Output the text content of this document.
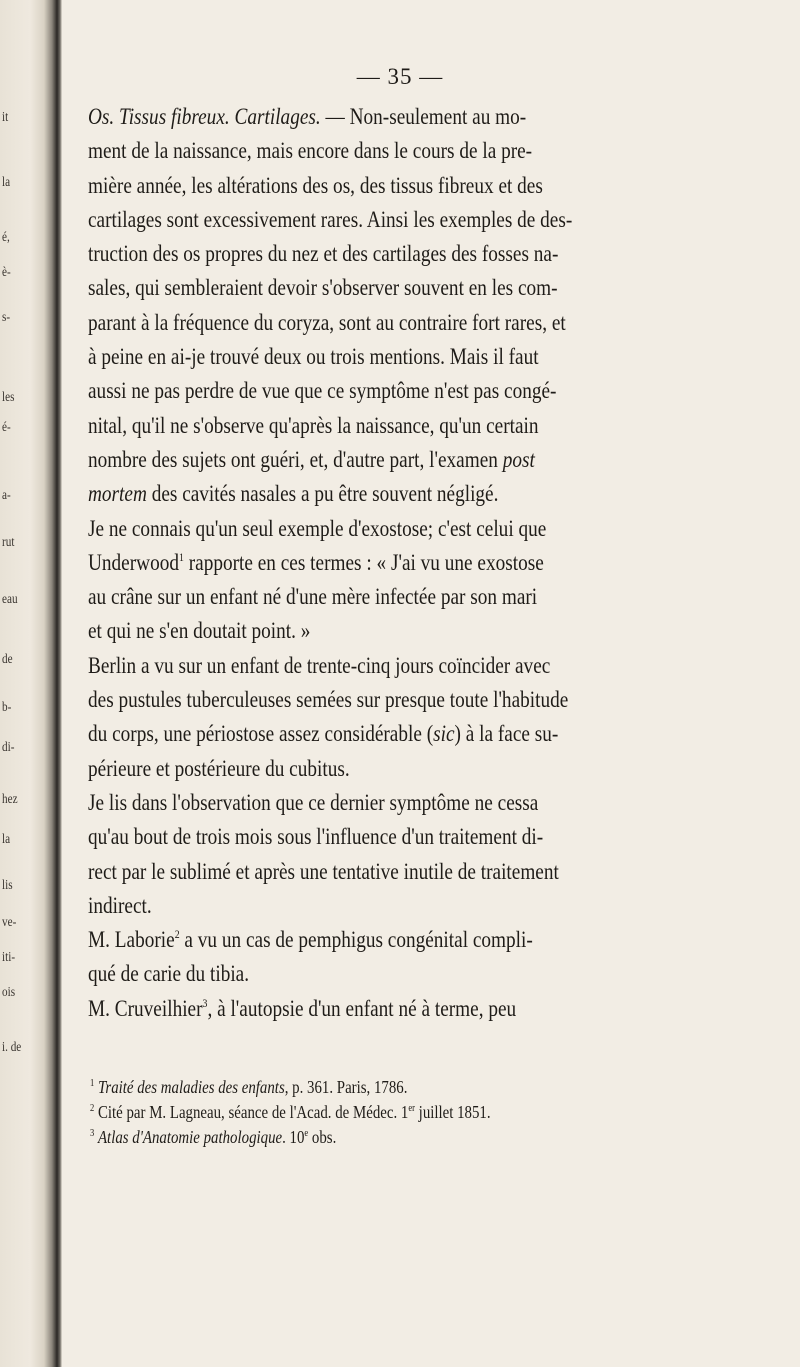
it
la
é,
è-
s-
les
é-
a-
rut
eau
de
b-
di-
hez
la
lis
ve-
iti-
ois
i. de
— 35 —
Os. Tissus fibreux. Cartilages. — Non-seulement au mo-
ment de la naissance, mais encore dans le cours de la pre-
mière année, les altérations des os, des tissus fibreux et des
cartilages sont excessivement rares. Ainsi les exemples de des-
truction des os propres du nez et des cartilages des fosses na-
sales, qui sembleraient devoir s'observer souvent en les com-
parant à la fréquence du coryza, sont au contraire fort rares, et
à peine en ai-je trouvé deux ou trois mentions. Mais il faut
aussi ne pas perdre de vue que ce symptôme n'est pas congé-
nital, qu'il ne s'observe qu'après la naissance, qu'un certain
nombre des sujets ont guéri, et, d'autre part, l'examen post
mortem des cavités nasales a pu être souvent négligé.
Je ne connais qu'un seul exemple d'exostose; c'est celui que
Underwood$^1$ rapporte en ces termes : « J'ai vu une exostose
au crâne sur un enfant né d'une mère infectée par son mari
et qui ne s'en doutait point. »
Berlin a vu sur un enfant de trente-cinq jours coïncider avec
des pustules tuberculeuses semées sur presque toute l'habitude
du corps, une périostose assez considérable (sic) à la face su-
périeure et postérieure du cubitus.
Je lis dans l'observation que ce dernier symptôme ne cessa
qu'au bout de trois mois sous l'influence d'un traitement di-
rect par le sublimé et après une tentative inutile de traitement
indirect.
M. Laborie$^2$ a vu un cas de pemphigus congénital compli-
qué de carie du tibia.
M. Cruveilhier$^3$, à l'autopsie d'un enfant né à terme, peu
$^1$ Traité des maladies des enfants, p. 361. Paris, 1786.
$^2$ Cité par M. Lagneau, séance de l'Acad. de Médec. 1er juillet 1851.
$^3$ Atlas d'Anatomie pathologique. 10e obs.
